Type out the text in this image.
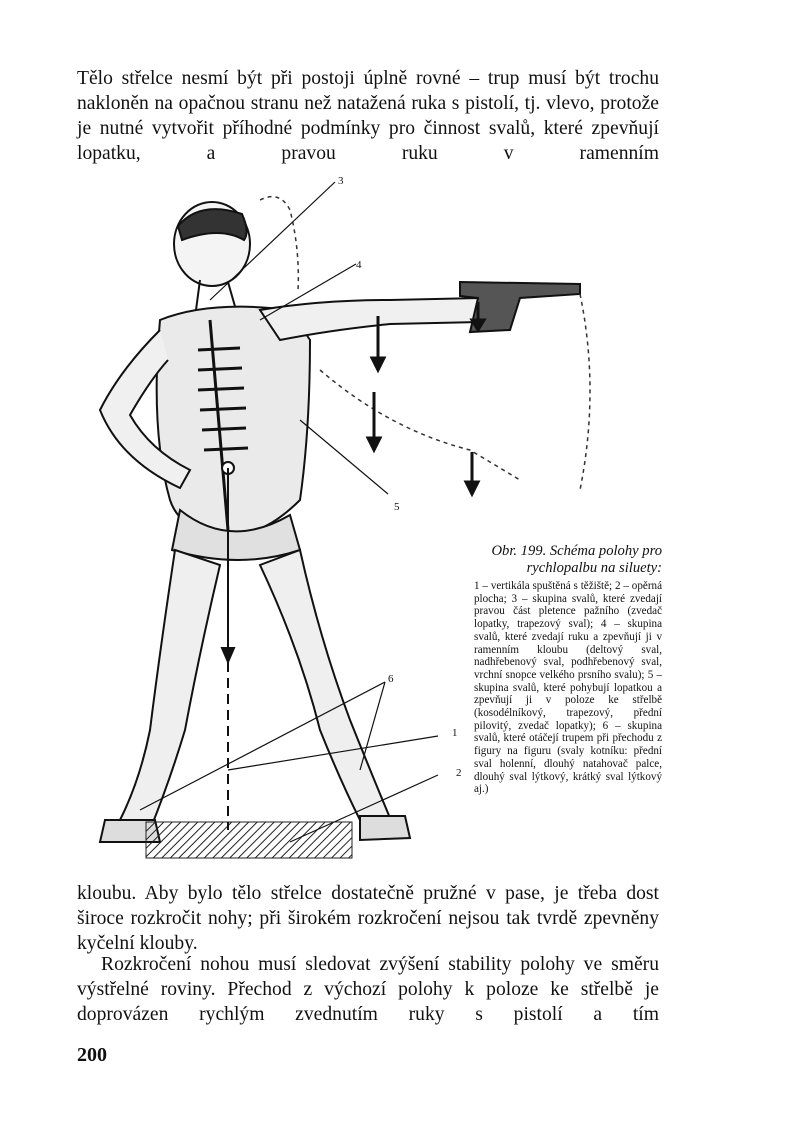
Tělo střelce nesmí být při postoji úplně rovné – trup musí být trochu nakloněn na opačnou stranu než natažená ruka s pistolí, tj. vlevo, protože je nutné vytvořit příhodné podmínky pro činnost svalů, které zpevňují lopatku, a pravou ruku v ramenním

3
4
5
6
1
2

Obr. 199. Schéma polohy pro rychlopalbu na siluety:

1 – vertikála spuštěná s těžiště; 2 – opěrná plocha; 3 – skupina svalů, které zvedají pravou část pletence pažního (zvedač lopatky, trapezový sval); 4 – skupina svalů, které zvedají ruku a zpevňují ji v ramenním kloubu (deltový sval, nadhřebenový sval, podhřebenový sval, vrchní snopce velkého prsního svalu); 5 – skupina svalů, které pohybují lopatkou a zpevňují ji v poloze ke střelbě (kosodélníkový, trapezový, přední pilovitý, zvedač lopatky); 6 – skupina svalů, které otáčejí trupem při přechodu z figury na figuru (svaly kotníku: přední sval holenní, dlouhý natahovač palce, dlouhý sval lýtkový, krátký sval lýtkový aj.)

kloubu. Aby bylo tělo střelce dostatečně pružné v pase, je třeba dost široce rozkročit nohy; při širokém rozkročení nejsou tak tvrdě zpevněny kyčelní klouby.

Rozkročení nohou musí sledovat zvýšení stability polohy ve směru výstřelné roviny. Přechod z výchozí polohy k poloze ke střelbě je doprovázen rychlým zvednutím ruky s pistolí a tím

200
